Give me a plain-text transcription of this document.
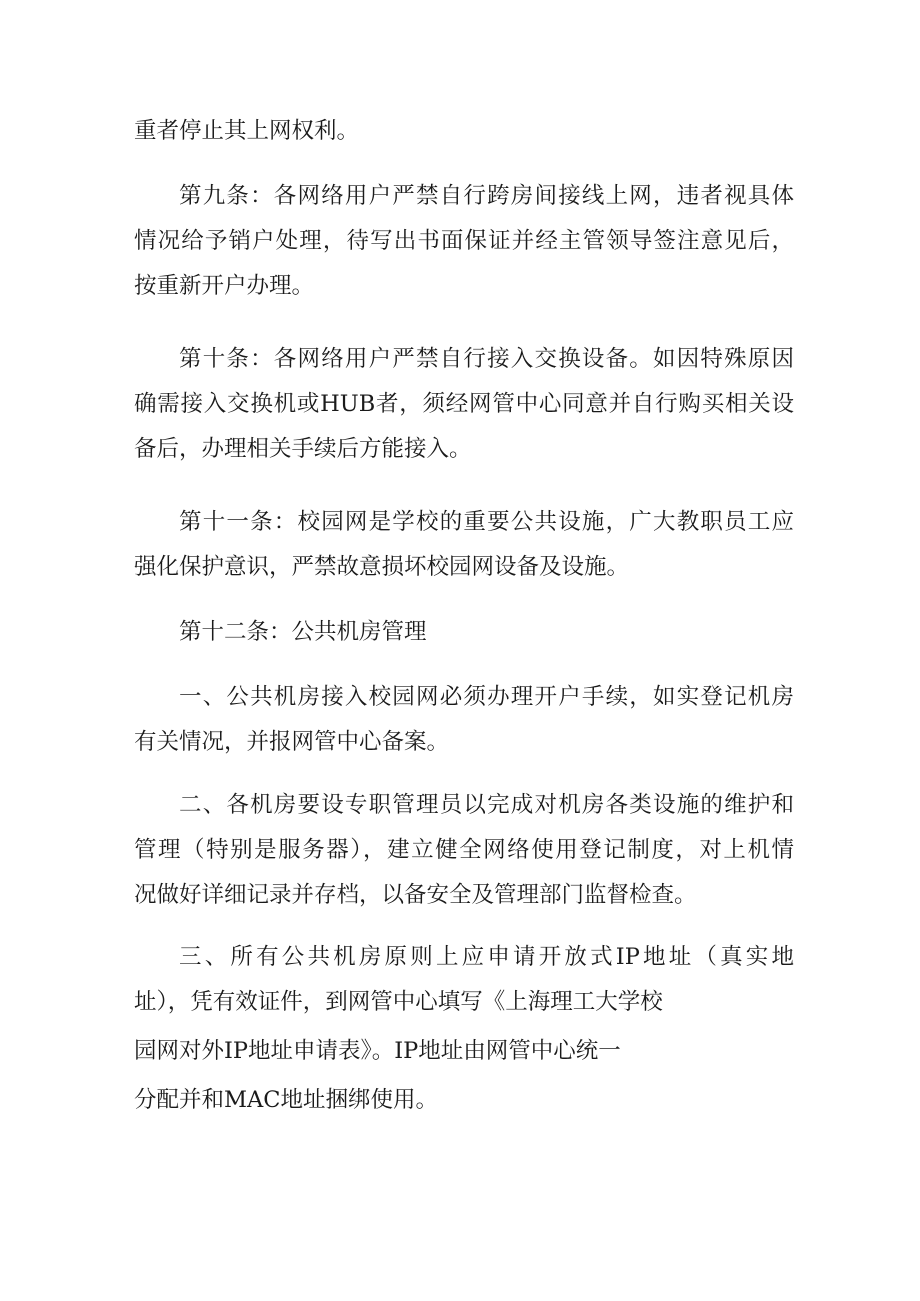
重者停止其上网权利。
第九条：各网络用户严禁自行跨房间接线上网，违者视具体
情况给予销户处理，待写出书面保证并经主管领导签注意见后，
按重新开户办理。
第十条：各网络用户严禁自行接入交换设备。如因特殊原因
确需接入交换机或HUB者，须经网管中心同意并自行购买相关设
备后，办理相关手续后方能接入。
第十一条：校园网是学校的重要公共设施，广大教职员工应
强化保护意识，严禁故意损坏校园网设备及设施。
第十二条：公共机房管理
一、公共机房接入校园网必须办理开户手续，如实登记机房
有关情况，并报网管中心备案。
二、各机房要设专职管理员以完成对机房各类设施的维护和
管理（特别是服务器），建立健全网络使用登记制度，对上机情
况做好详细记录并存档，以备安全及管理部门监督检查。
三、所有公共机房原则上应申请开放式IP地址（真实地
址），凭有效证件，到网管中心填写《上海理工大学校
园网对外IP地址申请表》。IP地址由网管中心统一
分配并和MAC地址捆绑使用。
